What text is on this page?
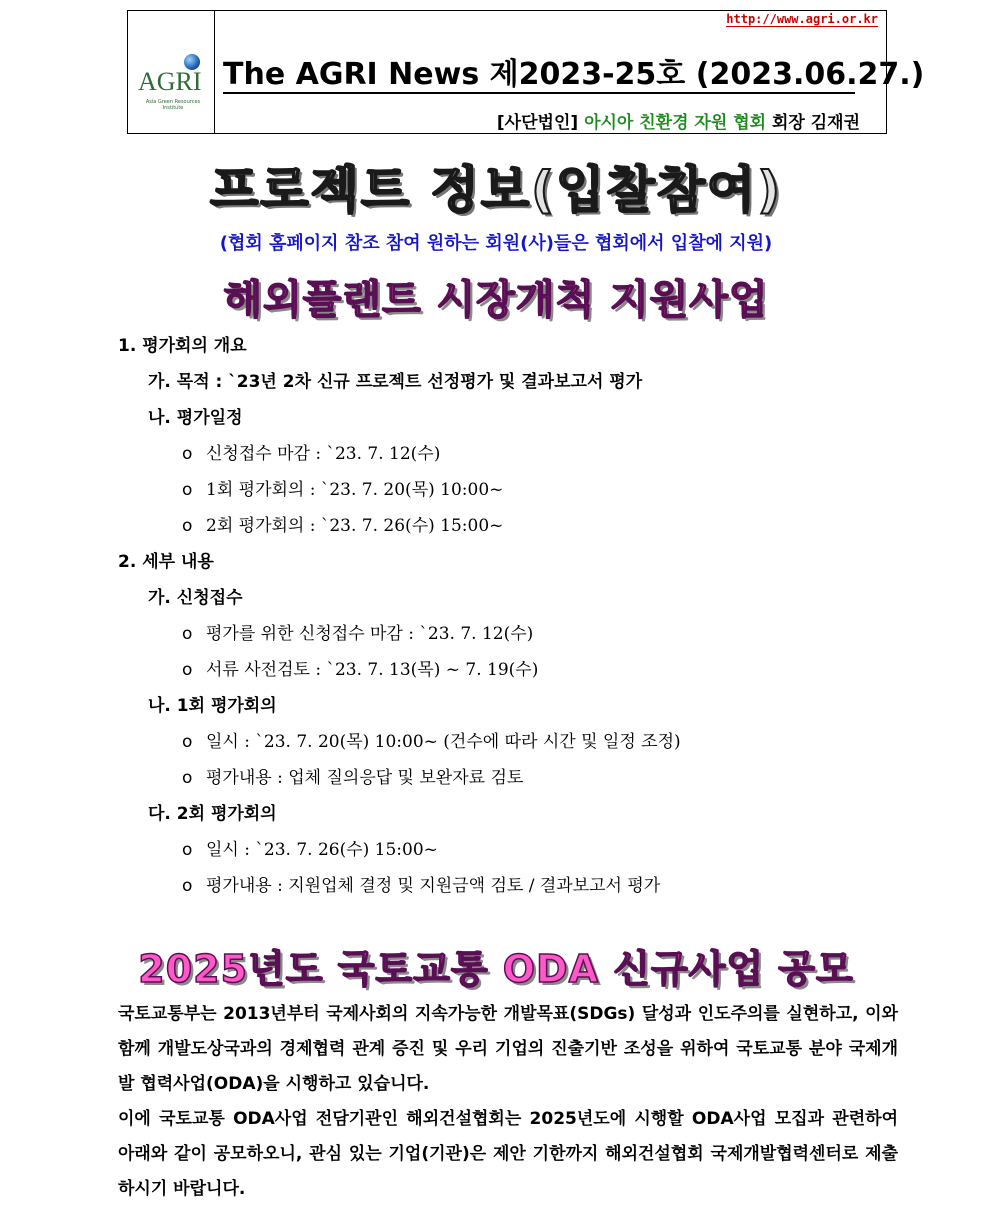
AGRI
Asia Green Resources Institute
http://www.agri.or.kr
The AGRI News 제2023-25호 (2023.06.27.)
[사단법인] 아시아 친환경 자원 협회 회장 김재권
프로젝트 정보(입찰참여)
(협회 홈페이지 참조 참여 원하는 회원(사)들은 협회에서 입찰에 지원)
해외플랜트 시장개척 지원사업
1. 평가회의 개요
가. 목적 : `23년 2차 신규 프로젝트 선정평가 및 결과보고서 평가
나. 평가일정
o 신청접수 마감 : `23. 7. 12(수)
o 1회 평가회의 : `23. 7. 20(목) 10:00~
o 2회 평가회의 : `23. 7. 26(수) 15:00~
2. 세부 내용
가. 신청접수
o 평가를 위한 신청접수 마감 : `23. 7. 12(수)
o 서류 사전검토 : `23. 7. 13(목) ~ 7. 19(수)
나. 1회 평가회의
o 일시 : `23. 7. 20(목) 10:00~ (건수에 따라 시간 및 일정 조정)
o 평가내용 : 업체 질의응답 및 보완자료 검토
다. 2회 평가회의
o 일시 : `23. 7. 26(수) 15:00~
o 평가내용 : 지원업체 결정 및 지원금액 검토 / 결과보고서 평가
2025년도 국토교통 ODA 신규사업 공모

국토교통부는 2013년부터 국제사회의 지속가능한 개발목표(SDGs) 달성과 인도주의를 실현하고, 이와 함께 개발도상국과의 경제협력 관계 증진 및 우리 기업의 진출기반 조성을 위하여 국토교통 분야 국제개발 협력사업(ODA)을 시행하고 있습니다.

이에 국토교통 ODA사업 전담기관인 해외건설협회는 2025년도에 시행할 ODA사업 모집과 관련하여 아래와 같이 공모하오니, 관심 있는 기업(기관)은 제안 기한까지 해외건설협회 국제개발협력센터로 제출하시기 바랍니다.
